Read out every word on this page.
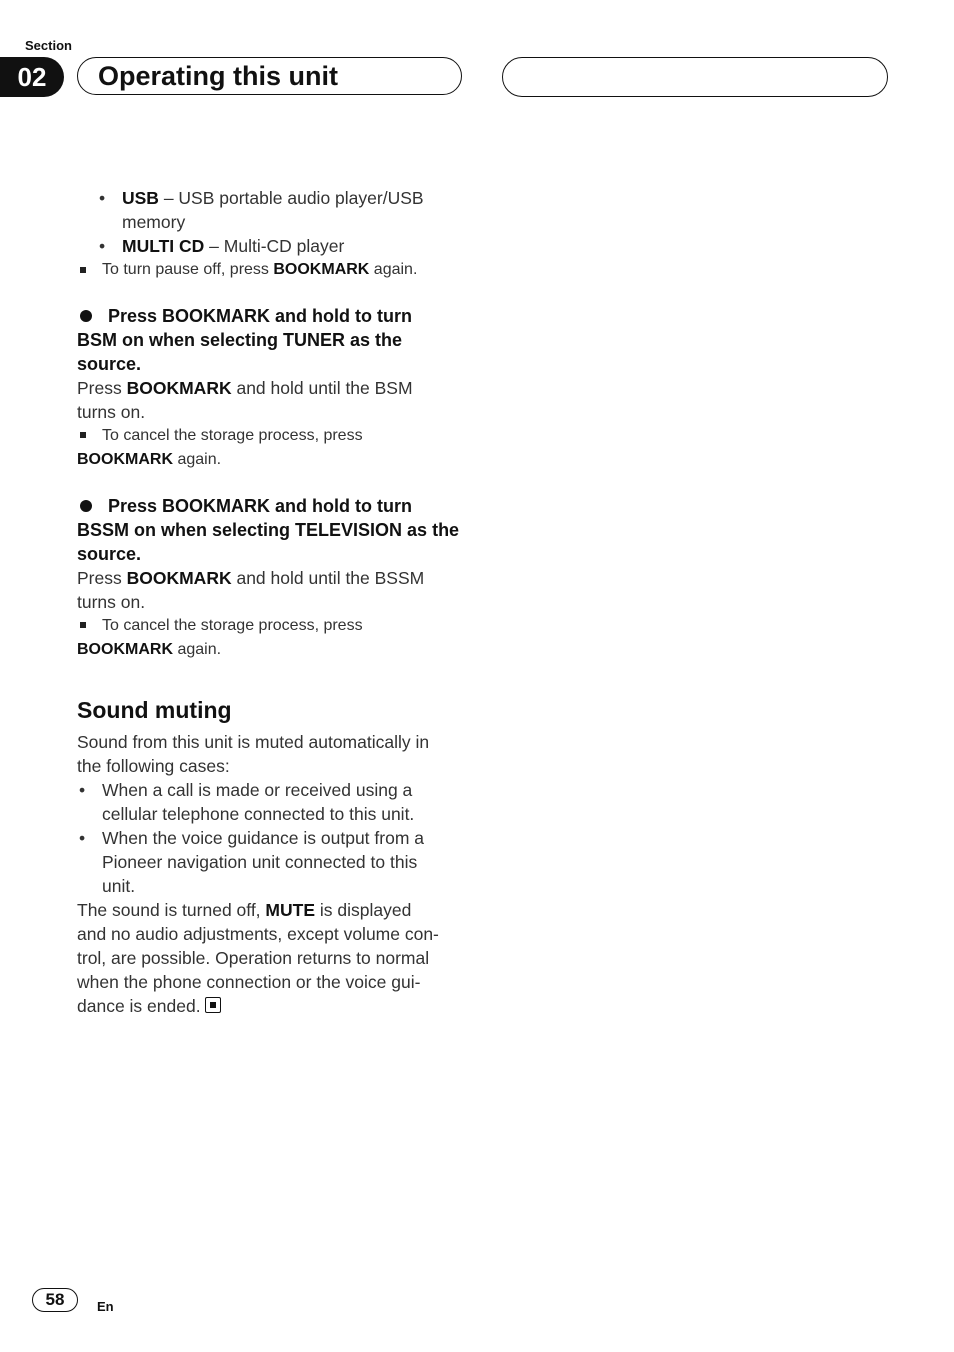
Section
02	Operating this unit
• USB – USB portable audio player/USB
memory
• MULTI CD – Multi-CD player
To turn pause off, press BOOKMARK again.
Press BOOKMARK and hold to turn
BSM on when selecting TUNER as the
source.
Press BOOKMARK and hold until the BSM
turns on.
To cancel the storage process, press
BOOKMARK again.
Press BOOKMARK and hold to turn
BSSM on when selecting TELEVISION as the
source.
Press BOOKMARK and hold until the BSSM
turns on.
To cancel the storage process, press
BOOKMARK again.
Sound muting
Sound from this unit is muted automatically in
the following cases:
• When a call is made or received using a
cellular telephone connected to this unit.
• When the voice guidance is output from a
Pioneer navigation unit connected to this
unit.
The sound is turned off, MUTE is displayed
and no audio adjustments, except volume con-
trol, are possible. Operation returns to normal
when the phone connection or the voice gui-
dance is ended.
58	En
